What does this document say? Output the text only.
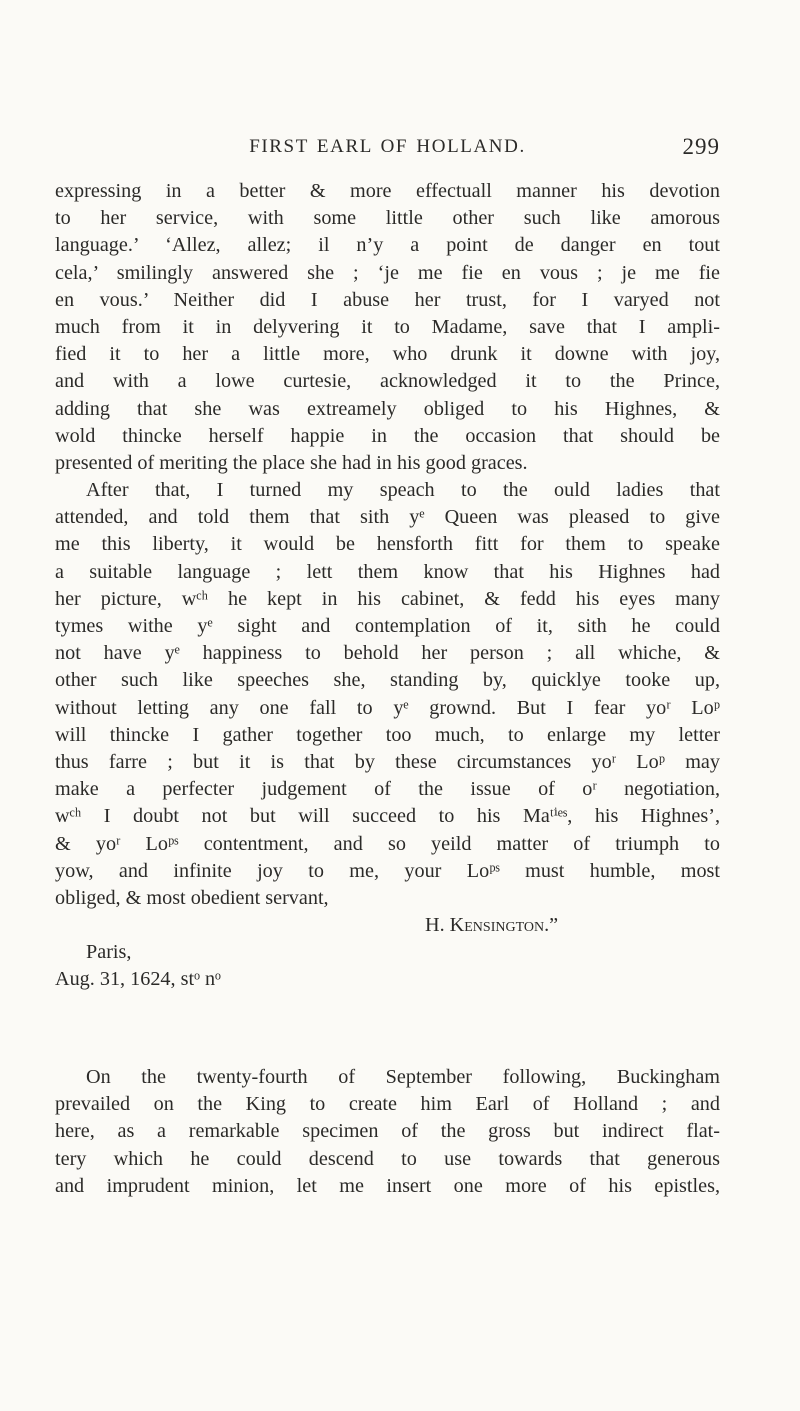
FIRST EARL OF HOLLAND.	299
expressing in a better & more effectuall manner his devotion
to her service, with some little other such like amorous
language.’ ‘Allez, allez; il n’y a point de danger en tout
cela,’ smilingly answered she ; ‘je me fie en vous ; je me fie
en vous.’ Neither did I abuse her trust, for I varyed not
much from it in delyvering it to Madame, save that I ampli-
fied it to her a little more, who drunk it downe with joy,
and with a lowe curtesie, acknowledged it to the Prince,
adding that she was extreamely obliged to his Highnes, &
wold thincke herself happie in the occasion that should be
presented of meriting the place she had in his good graces.
After that, I turned my speach to the ould ladies that
attended, and told them that sith yᵉ Queen was pleased to give
me this liberty, it would be hensforth fitt for them to speake
a suitable language ; lett them know that his Highnes had
her picture, wᶜʰ he kept in his cabinet, & fedd his eyes many
tymes withe yᵉ sight and contemplation of it, sith he could
not have yᵉ happiness to behold her person ; all whiche, &
other such like speeches she, standing by, quicklye tooke up,
without letting any one fall to yᵉ grownd. But I fear yoʳ Loᵖ
will thincke I gather together too much, to enlarge my letter
thus farre ; but it is that by these circumstances yoʳ Loᵖ may
make a perfecter judgement of the issue of oʳ negotiation,
wᶜʰ I doubt not but will succeed to his Maᵗⁱᵉˢ, his Highnes’,
& yoʳ Loᵖˢ contentment, and so yeild matter of triumph to
yow, and infinite joy to me, your Loᵖˢ must humble, most
obliged, & most obedient servant,
H. Kensington.”
Paris,
Aug. 31, 1624, stᵒ nᵒ
On the twenty-fourth of September following, Buckingham
prevailed on the King to create him Earl of Holland ; and
here, as a remarkable specimen of the gross but indirect flat-
tery which he could descend to use towards that generous
and imprudent minion, let me insert one more of his epistles,
